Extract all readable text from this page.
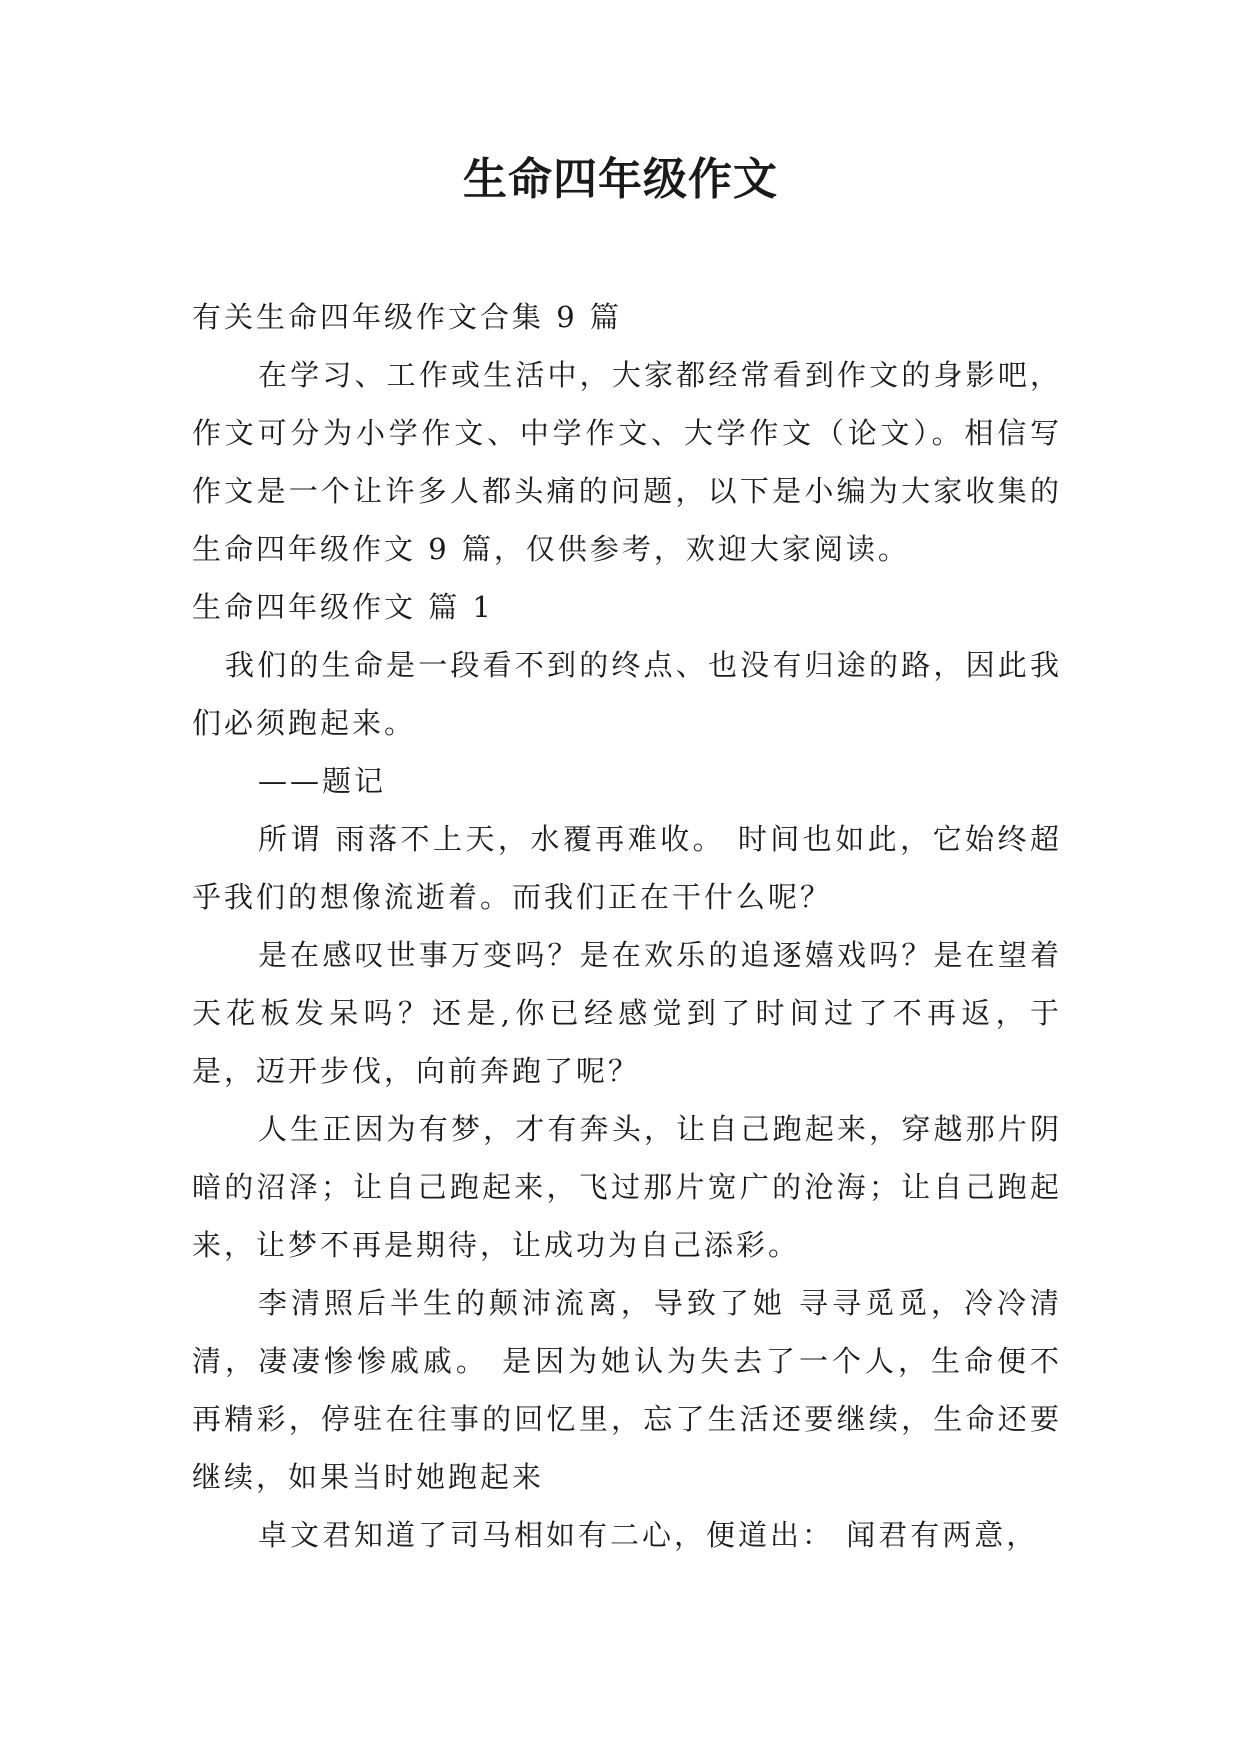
生命四年级作文

有关生命四年级作文合集 9 篇

在学习、工作或生活中，大家都经常看到作文的身影吧，作文可分为小学作文、中学作文、大学作文（论文）。相信写作文是一个让许多人都头痛的问题，以下是小编为大家收集的生命四年级作文 9 篇，仅供参考，欢迎大家阅读。

生命四年级作文 篇 1

我们的生命是一段看不到的终点、也没有归途的路，因此我们必须跑起来。

——题记

所谓 雨落不上天，水覆再难收。 时间也如此，它始终超乎我们的想像流逝着。而我们正在干什么呢？

是在感叹世事万变吗？是在欢乐的追逐嬉戏吗？是在望着天花板发呆吗？还是,你已经感觉到了时间过了不再返，于是，迈开步伐，向前奔跑了呢？

人生正因为有梦，才有奔头，让自己跑起来，穿越那片阴暗的沼泽；让自己跑起来，飞过那片宽广的沧海；让自己跑起来，让梦不再是期待，让成功为自己添彩。

李清照后半生的颠沛流离，导致了她 寻寻觅觅，冷冷清清，凄凄惨惨戚戚。 是因为她认为失去了一个人，生命便不再精彩，停驻在往事的回忆里，忘了生活还要继续，生命还要继续，如果当时她跑起来

卓文君知道了司马相如有二心，便道出： 闻君有两意，
